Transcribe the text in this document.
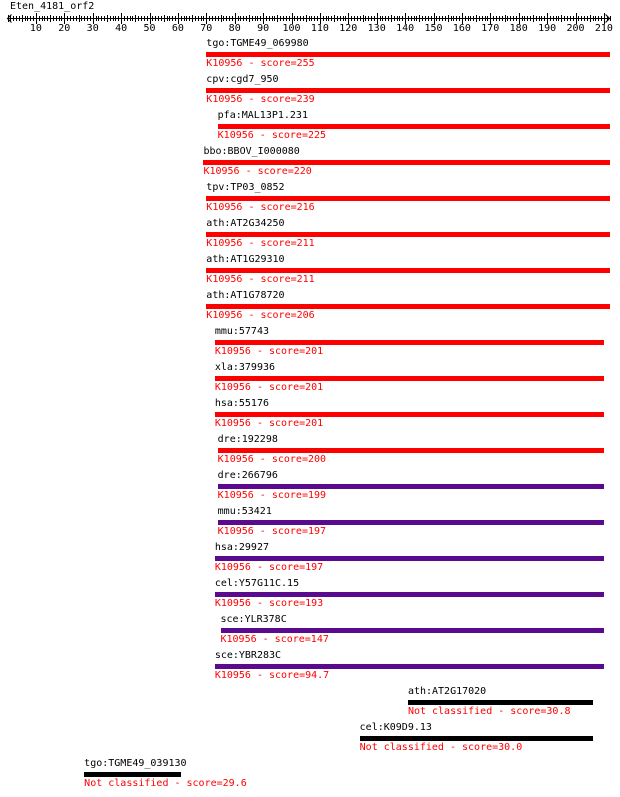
10 20 30 40 50 60 70 80 90 100 110 120 130 140 150 160 170 180 190 200 210
Eten_4181_orf2
tgo:TGME49_069980
K10956 - score=255
cpv:cgd7_950
K10956 - score=239
pfa:MAL13P1.231
K10956 - score=225
bbo:BBOV_I000080
K10956 - score=220
tpv:TP03_0852
K10956 - score=216
ath:AT2G34250
K10956 - score=211
ath:AT1G29310
K10956 - score=211
ath:AT1G78720
K10956 - score=206
mmu:57743
K10956 - score=201
xla:379936
K10956 - score=201
hsa:55176
K10956 - score=201
dre:192298
K10956 - score=200
dre:266796
K10956 - score=199
mmu:53421
K10956 - score=197
hsa:29927
K10956 - score=197
cel:Y57G11C.15
K10956 - score=193
sce:YLR378C
K10956 - score=147
sce:YBR283C
K10956 - score=94.7
ath:AT2G17020
Not classified - score=30.8
cel:K09D9.13
Not classified - score=30.0
tgo:TGME49_039130
Not classified - score=29.6
